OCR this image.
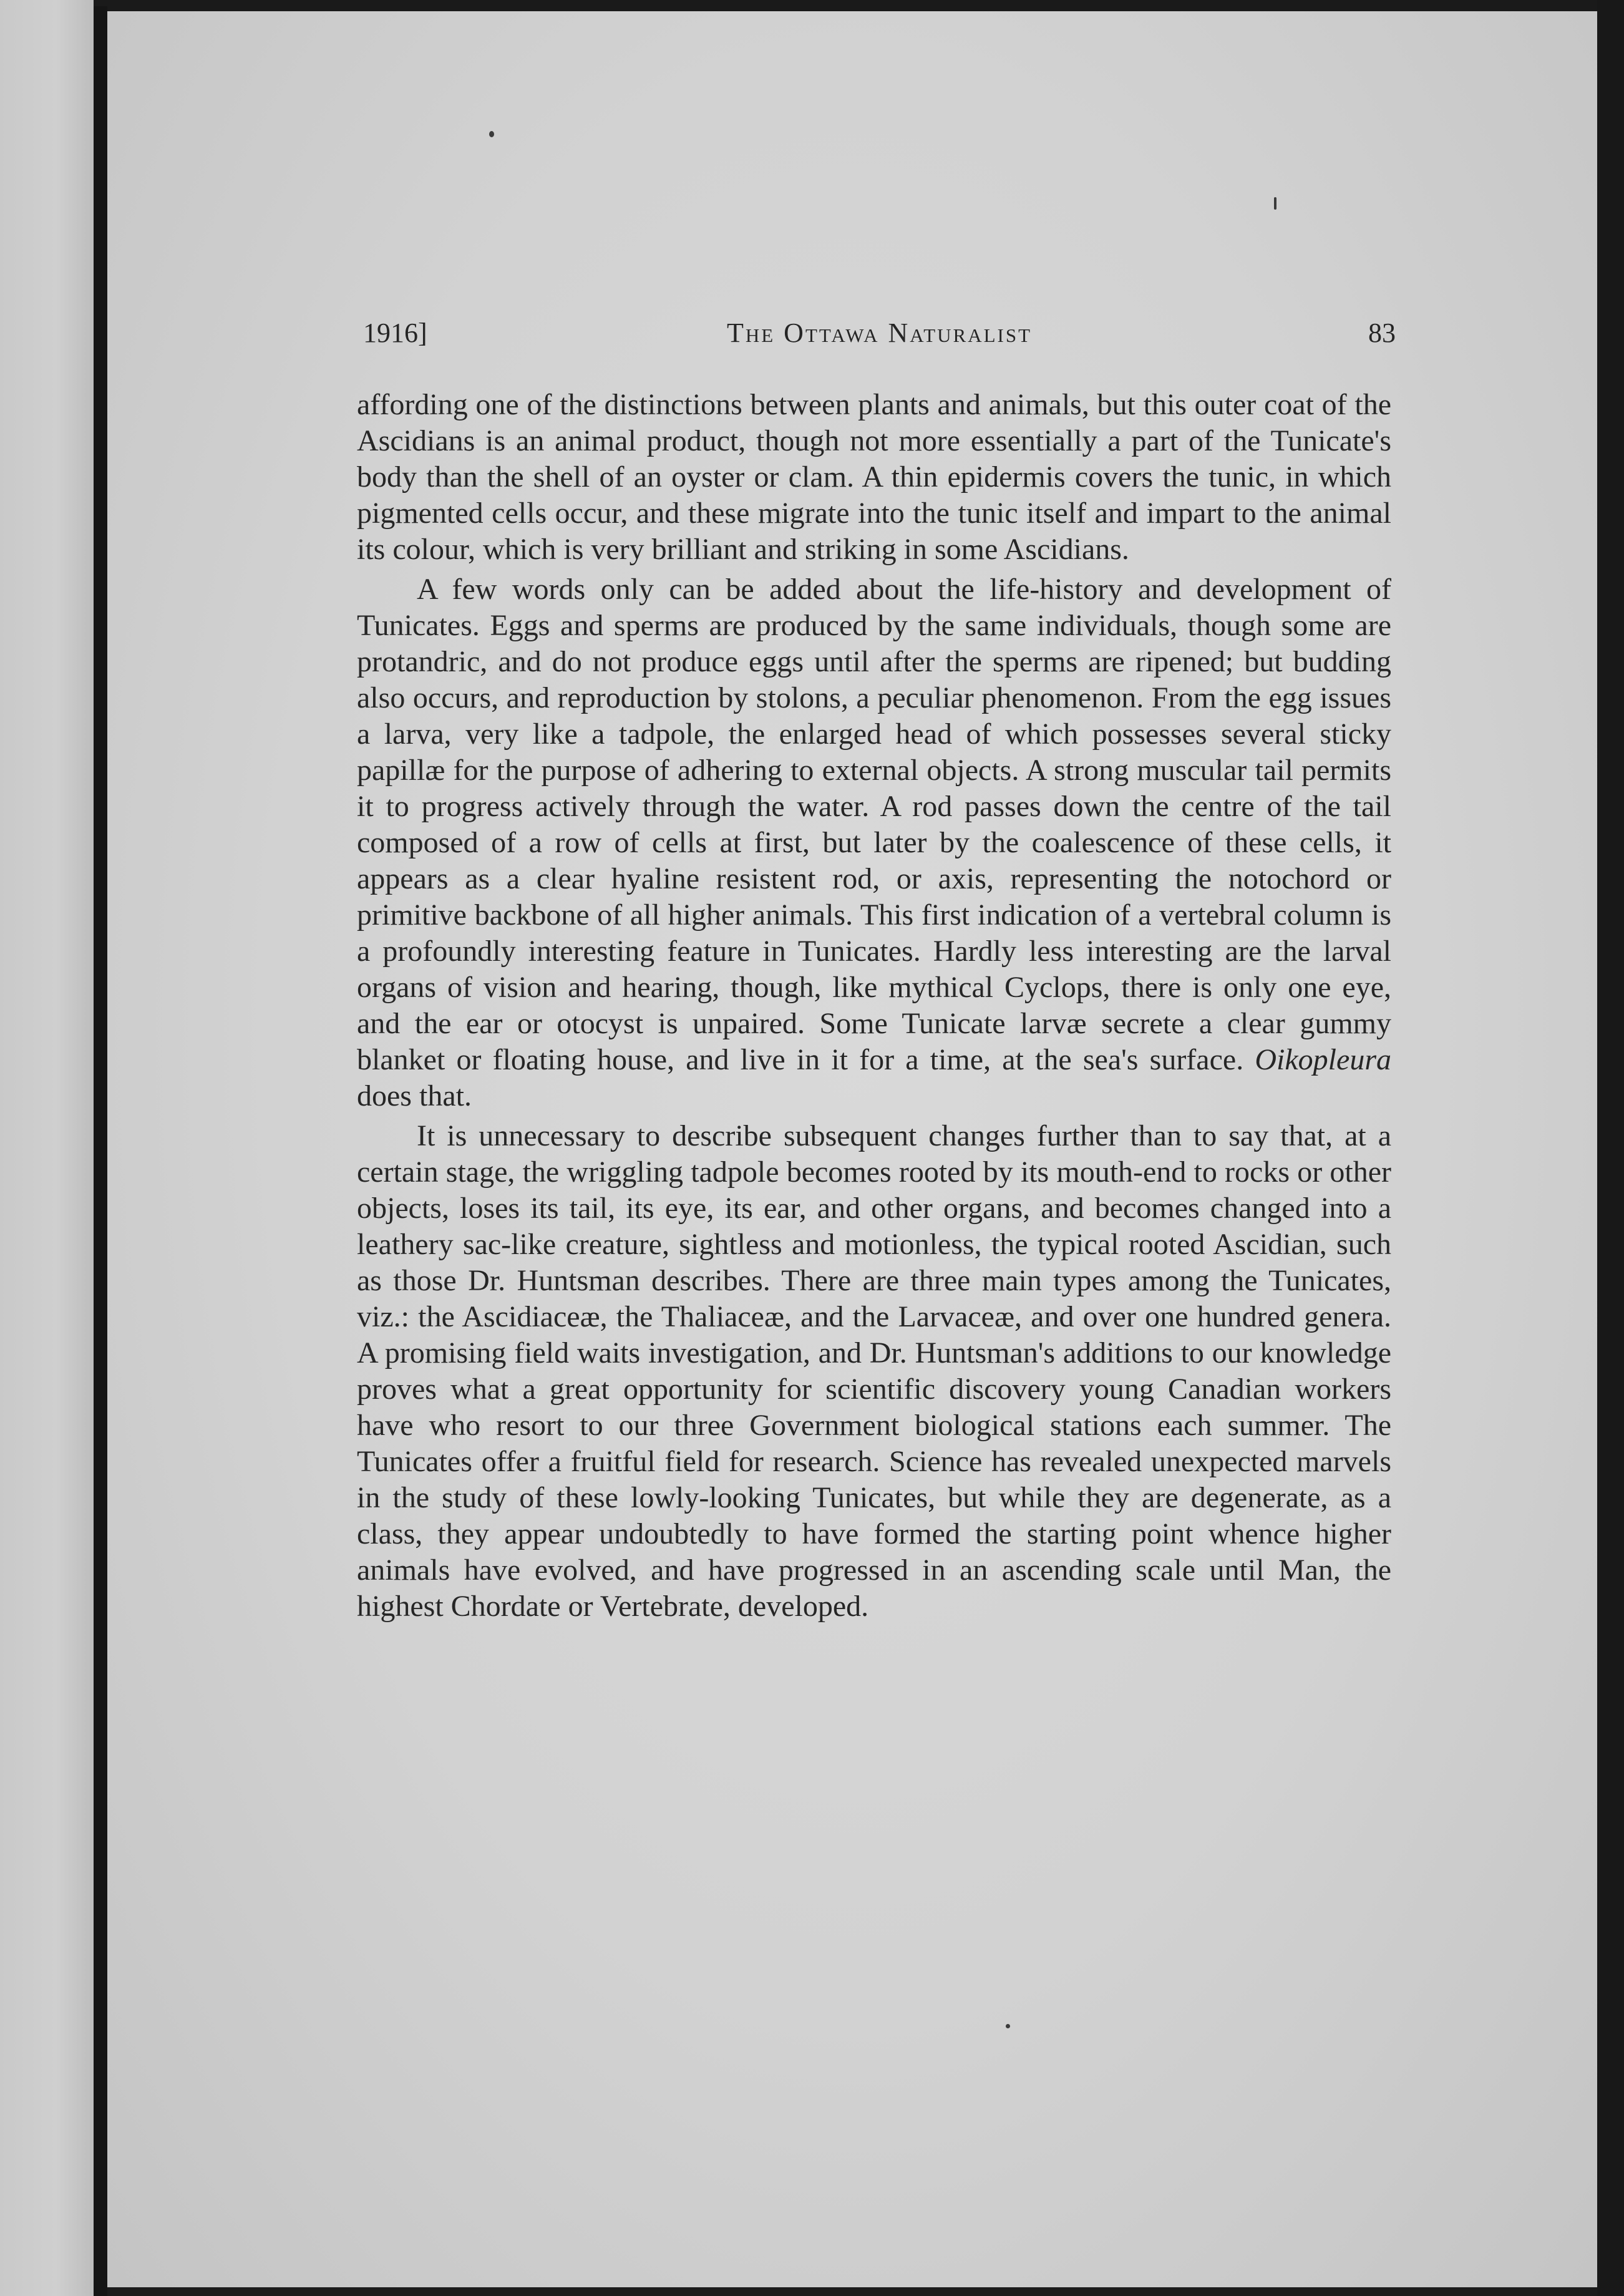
1916]	The Ottawa Naturalist	83

affording one of the distinctions between plants and animals, but this outer coat of the Ascidians is an animal product, though not more essentially a part of the Tunicate's body than the shell of an oyster or clam. A thin epidermis covers the tunic, in which pigmented cells occur, and these migrate into the tunic itself and impart to the animal its colour, which is very brilliant and striking in some Ascidians.

A few words only can be added about the life-history and development of Tunicates. Eggs and sperms are produced by the same individuals, though some are protandric, and do not produce eggs until after the sperms are ripened; but budding also occurs, and reproduction by stolons, a peculiar phenomenon. From the egg issues a larva, very like a tadpole, the enlarged head of which possesses several sticky papillæ for the purpose of adhering to external objects. A strong muscular tail permits it to progress actively through the water. A rod passes down the centre of the tail composed of a row of cells at first, but later by the coalescence of these cells, it appears as a clear hyaline resistent rod, or axis, representing the notochord or primitive backbone of all higher animals. This first indication of a vertebral column is a profoundly interesting feature in Tunicates. Hardly less interesting are the larval organs of vision and hearing, though, like mythical Cyclops, there is only one eye, and the ear or otocyst is unpaired. Some Tunicate larvæ secrete a clear gummy blanket or floating house, and live in it for a time, at the sea's surface. Oikopleura does that.

It is unnecessary to describe subsequent changes further than to say that, at a certain stage, the wriggling tadpole becomes rooted by its mouth-end to rocks or other objects, loses its tail, its eye, its ear, and other organs, and becomes changed into a leathery sac-like creature, sightless and motionless, the typical rooted Ascidian, such as those Dr. Huntsman describes. There are three main types among the Tunicates, viz.: the Ascidiaceæ, the Thaliaceæ, and the Larvaceæ, and over one hundred genera. A promising field waits investigation, and Dr. Huntsman's additions to our knowledge proves what a great opportunity for scientific discovery young Canadian workers have who resort to our three Government biological stations each summer. The Tunicates offer a fruitful field for research. Science has revealed unexpected marvels in the study of these lowly-looking Tunicates, but while they are degenerate, as a class, they appear undoubtedly to have formed the starting point whence higher animals have evolved, and have progressed in an ascending scale until Man, the highest Chordate or Vertebrate, developed.
